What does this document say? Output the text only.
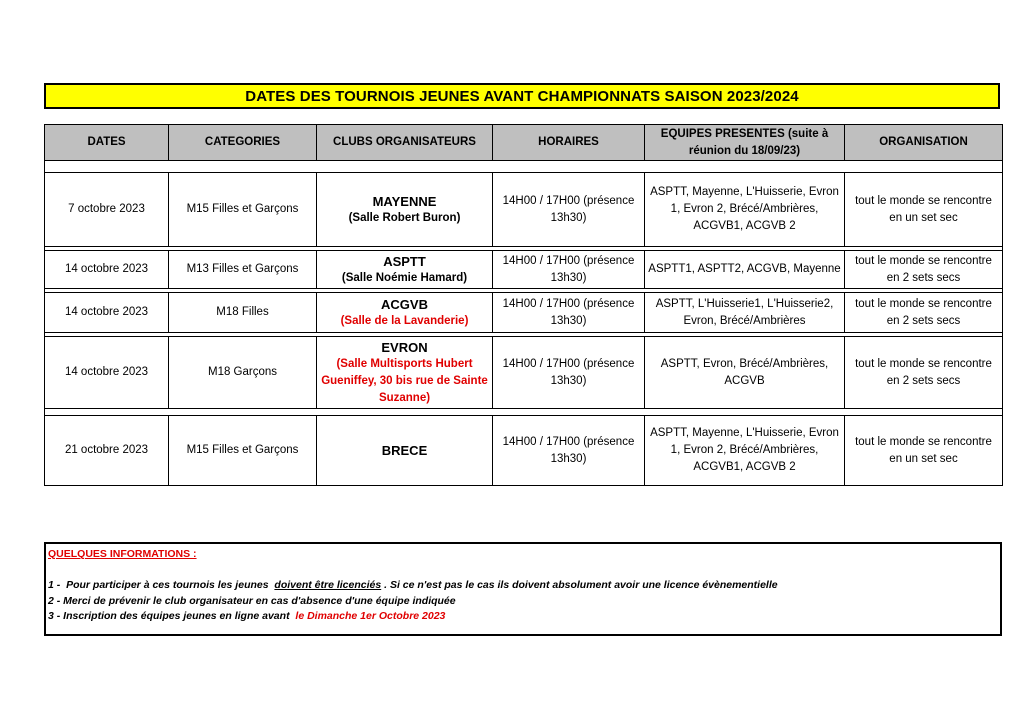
DATES DES TOURNOIS JEUNES AVANT CHAMPIONNATS SAISON 2023/2024
DATES	CATEGORIES	CLUBS ORGANISATEURS	HORAIRES	EQUIPES PRESENTES (suite à
réunion du 18/09/23)	ORGANISATION

7 octobre 2023	M15 Filles et Garçons	MAYENNE
(Salle Robert Buron)	14H00 / 17H00 (présence 13h30)	ASPTT, Mayenne, L'Huisserie, Evron 1, Evron 2, Brécé/Ambrières, ACGVB1, ACGVB 2	tout le monde se rencontre en un set sec

14 octobre 2023	M13 Filles et Garçons	ASPTT
(Salle Noémie Hamard)	14H00 / 17H00 (présence 13h30)	ASPTT1, ASPTT2, ACGVB, Mayenne	tout le monde se rencontre en 2 sets secs

14 octobre 2023	M18 Filles	ACGVB
(Salle de la Lavanderie)	14H00 / 17H00 (présence 13h30)	ASPTT, L'Huisserie1, L'Huisserie2, Evron, Brécé/Ambrières	tout le monde se rencontre en 2 sets secs

14 octobre 2023	M18 Garçons	EVRON
(Salle Multisports Hubert Gueniffey, 30 bis rue de Sainte Suzanne)	14H00 / 17H00 (présence 13h30)	ASPTT, Evron, Brécé/Ambrières, ACGVB	tout le monde se rencontre en 2 sets secs

21 octobre 2023	M15 Filles et Garçons	BRECE	14H00 / 17H00 (présence 13h30)	ASPTT, Mayenne, L'Huisserie, Evron 1, Evron 2, Brécé/Ambrières, ACGVB1, ACGVB 2	tout le monde se rencontre en un set sec
QUELQUES INFORMATIONS :

1 -  Pour participer à ces tournois les jeunes  doivent être licenciés . Si ce n'est pas le cas ils doivent absolument avoir une licence évènementielle
2 - Merci de prévenir le club organisateur en cas d'absence d'une équipe indiquée
3 - Inscription des équipes jeunes en ligne avant  le Dimanche 1er Octobre 2023
